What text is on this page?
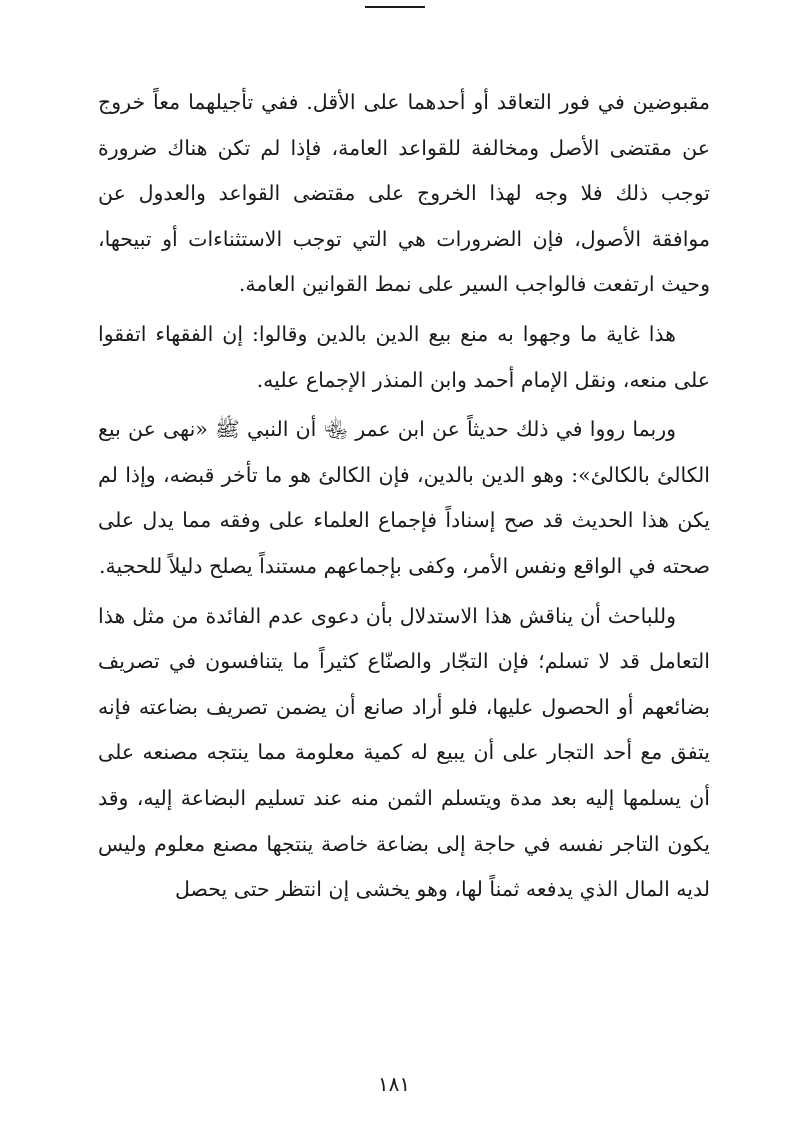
مقبوضين في فور التعاقد أو أحدهما على الأقل. ففي تأجيلهما معاً خروج عن مقتضى الأصل ومخالفة للقواعد العامة، فإذا لم تكن هناك ضرورة توجب ذلك فلا وجه لهذا الخروج على مقتضى القواعد والعدول عن موافقة الأصول، فإن الضرورات هي التي توجب الاستثناءات أو تبيحها، وحيث ارتفعت فالواجب السير على نمط القوانين العامة.

هذا غاية ما وجهوا به منع بيع الدين بالدين وقالوا: إن الفقهاء اتفقوا على منعه، ونقل الإمام أحمد وابن المنذر الإجماع عليه.

وربما رووا في ذلك حديثاً عن ابن عمر ﵄ أن النبي ﷺ «نهى عن بيع الكالئ بالكالئ»: وهو الدين بالدين، فإن الكالئ هو ما تأخر قبضه، وإذا لم يكن هذا الحديث قد صح إسناداً فإجماع العلماء على وفقه مما يدل على صحته في الواقع ونفس الأمر، وكفى بإجماعهم مستنداً يصلح دليلاً للحجية.

وللباحث أن يناقش هذا الاستدلال بأن دعوى عدم الفائدة من مثل هذا التعامل قد لا تسلم؛ فإن التجّار والصنّاع كثيراً ما يتنافسون في تصريف بضائعهم أو الحصول عليها، فلو أراد صانع أن يضمن تصريف بضاعته فإنه يتفق مع أحد التجار على أن يبيع له كمية معلومة مما ينتجه مصنعه على أن يسلمها إليه بعد مدة ويتسلم الثمن منه عند تسليم البضاعة إليه، وقد يكون التاجر نفسه في حاجة إلى بضاعة خاصة ينتجها مصنع معلوم وليس لديه المال الذي يدفعه ثمناً لها، وهو يخشى إن انتظر حتى يحصل

١٨١
